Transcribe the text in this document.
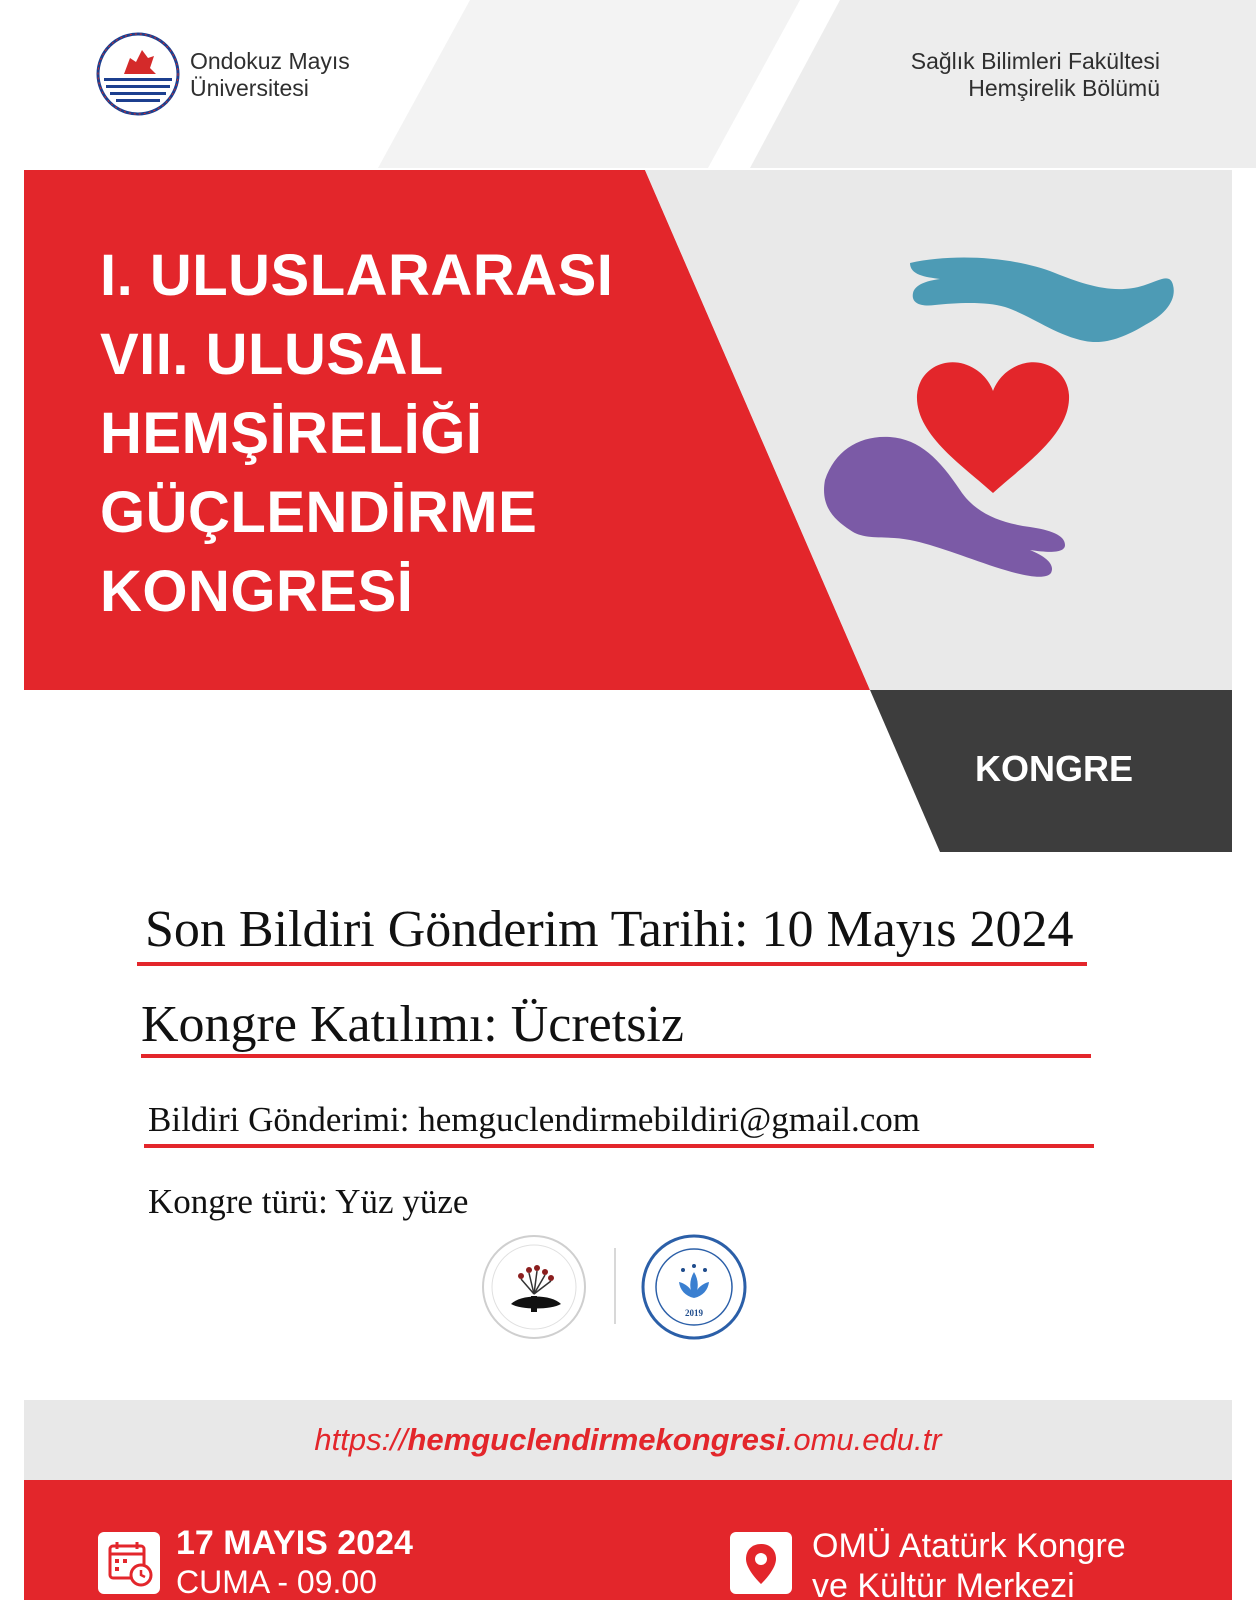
Ondokuz Mayıs
Üniversitesi
Sağlık Bilimleri Fakültesi
Hemşirelik Bölümü
I. ULUSLARARASI
VII. ULUSAL
HEMŞİRELİĞİ
GÜÇLENDİRME
KONGRESİ
KONGRE
Son Bildiri Gönderim Tarihi: 10 Mayıs 2024
Kongre Katılımı: Ücretsiz
Bildiri Gönderimi: hemguclendirmebildiri@gmail.com
Kongre türü: Yüz yüze
2019
https:// hemguclendirmekongresi .omu.edu.tr
17 MAYIS 2024
CUMA - 09.00
OMÜ Atatürk Kongre
ve Kültür Merkezi
